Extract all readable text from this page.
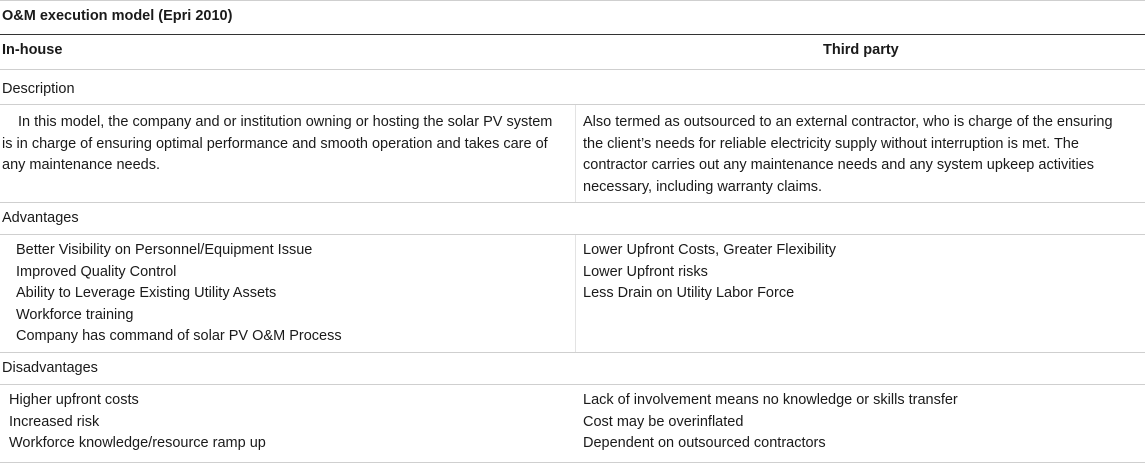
O&M execution model (Epri 2010)
In-house	Third party
Description
In this model, the company and or institution owning or hosting the solar PV system
is in charge of ensuring optimal performance and smooth operation and takes care of
any maintenance needs.
Also termed as outsourced to an external contractor, who is charge of the ensuring
the client’s needs for reliable electricity supply without interruption is met. The
contractor carries out any maintenance needs and any system upkeep activities
necessary, including warranty claims.
Advantages
Better Visibility on Personnel/Equipment Issue
Improved Quality Control
Ability to Leverage Existing Utility Assets
Workforce training
Company has command of solar PV O&M Process
Lower Upfront Costs, Greater Flexibility
Lower Upfront risks
Less Drain on Utility Labor Force
Disadvantages
Higher upfront costs
Increased risk
Workforce knowledge/resource ramp up
Lack of involvement means no knowledge or skills transfer
Cost may be overinflated
Dependent on outsourced contractors
